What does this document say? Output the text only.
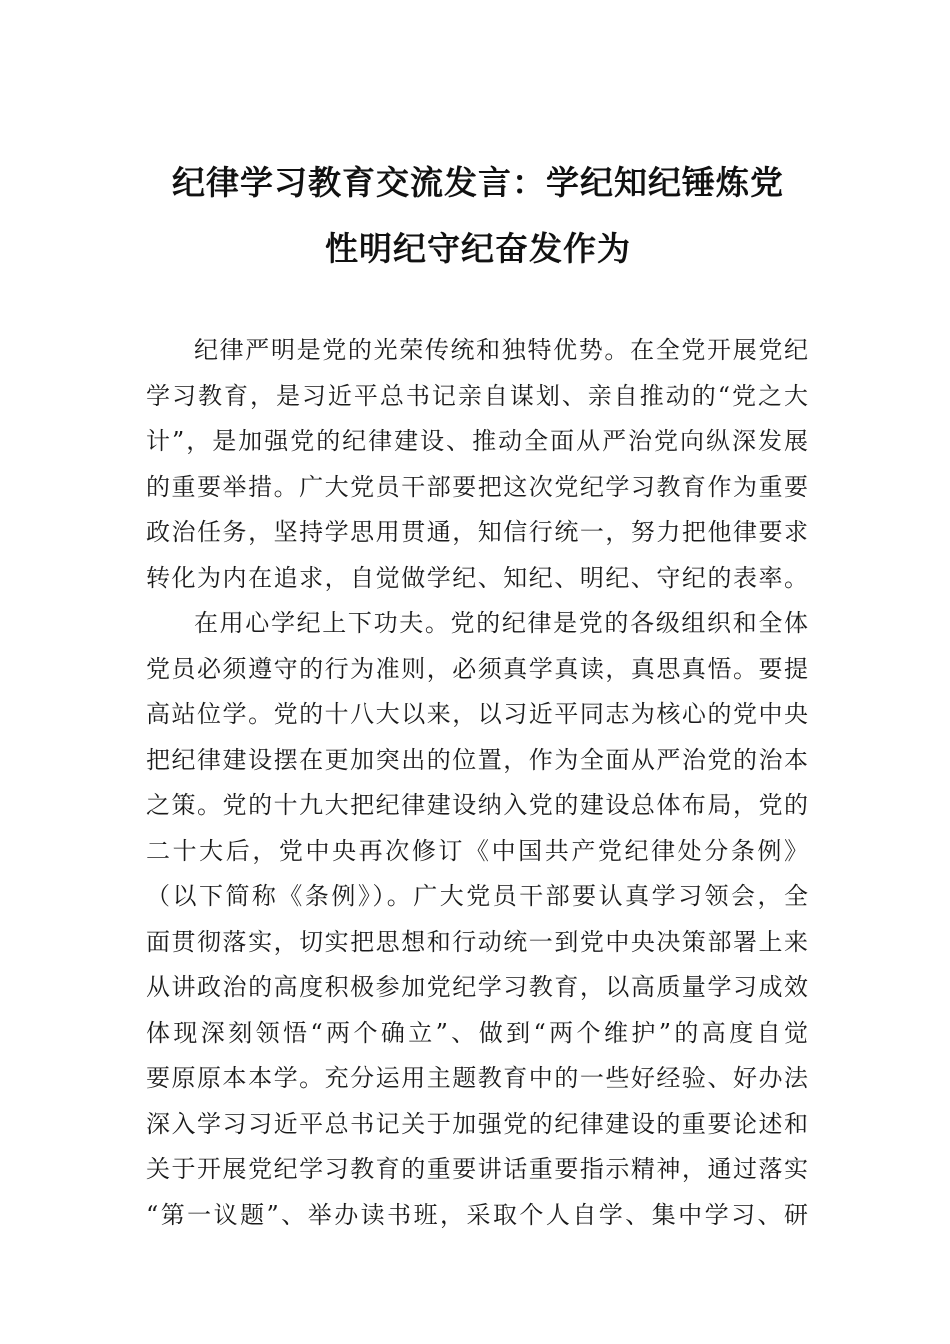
纪律学习教育交流发言：学纪知纪锤炼党
性明纪守纪奋发作为
纪律严明是党的光荣传统和独特优势。在全党开展党纪
学习教育，是习近平总书记亲自谋划、亲自推动的“党之大
计”，是加强党的纪律建设、推动全面从严治党向纵深发展
的重要举措。广大党员干部要把这次党纪学习教育作为重要
政治任务，坚持学思用贯通，知信行统一，努力把他律要求
转化为内在追求，自觉做学纪、知纪、明纪、守纪的表率。
在用心学纪上下功夫。党的纪律是党的各级组织和全体
党员必须遵守的行为准则，必须真学真读，真思真悟。要提
高站位学。党的十八大以来，以习近平同志为核心的党中央
把纪律建设摆在更加突出的位置，作为全面从严治党的治本
之策。党的十九大把纪律建设纳入党的建设总体布局，党的
二十大后，党中央再次修订《中国共产党纪律处分条例》
（以下简称《条例》）。广大党员干部要认真学习领会，全
面贯彻落实，切实把思想和行动统一到党中央决策部署上来
从讲政治的高度积极参加党纪学习教育，以高质量学习成效
体现深刻领悟“两个确立”、做到“两个维护”的高度自觉
要原原本本学。充分运用主题教育中的一些好经验、好办法
深入学习习近平总书记关于加强党的纪律建设的重要论述和
关于开展党纪学习教育的重要讲话重要指示精神，通过落实
“第一议题”、举办读书班，采取个人自学、集中学习、研
